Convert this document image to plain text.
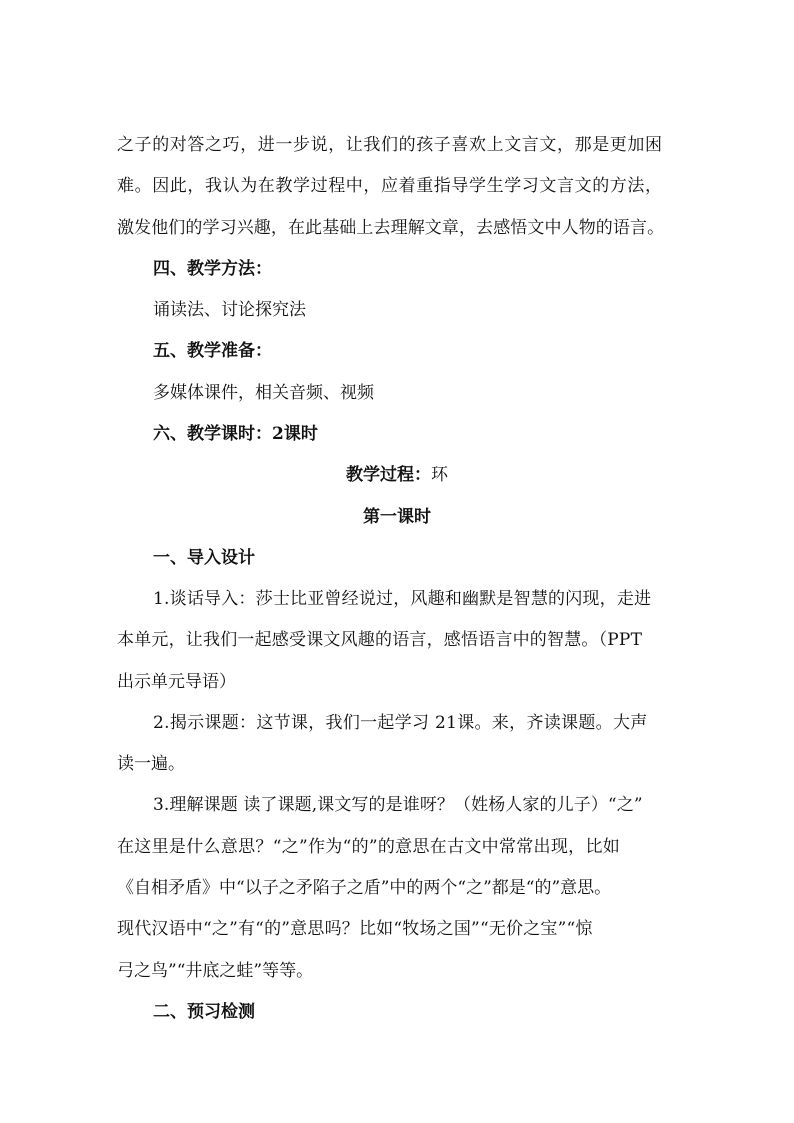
之子的对答之巧，进一步说，让我们的孩子喜欢上文言文，那是更加困
难。因此，我认为在教学过程中，应着重指导学生学习文言文的方法，
激发他们的学习兴趣，在此基础上去理解文章，去感悟文中人物的语言。
四、教学方法：
诵读法、讨论探究法
五、教学准备：
多媒体课件，相关音频、视频
六、教学课时：2课时
教学过程：环
第一课时
一、导入设计
1.谈话导入：莎士比亚曾经说过，风趣和幽默是智慧的闪现，走进
本单元，让我们一起感受课文风趣的语言，感悟语言中的智慧。（PPT
出示单元导语）
2.揭示课题：这节课，我们一起学习 21课。来，齐读课题。大声
读一遍。
3.理解课题 读了课题,课文写的是谁呀？（姓杨人家的儿子）“之”
在这里是什么意思？“之”作为“的”的意思在古文中常常出现，比如
《自相矛盾》中“以子之矛陷子之盾”中的两个“之”都是“的”意思。
现代汉语中“之”有“的”意思吗？比如“牧场之国”“无价之宝”“惊
弓之鸟”“井底之蛙”等等。
二、预习检测
